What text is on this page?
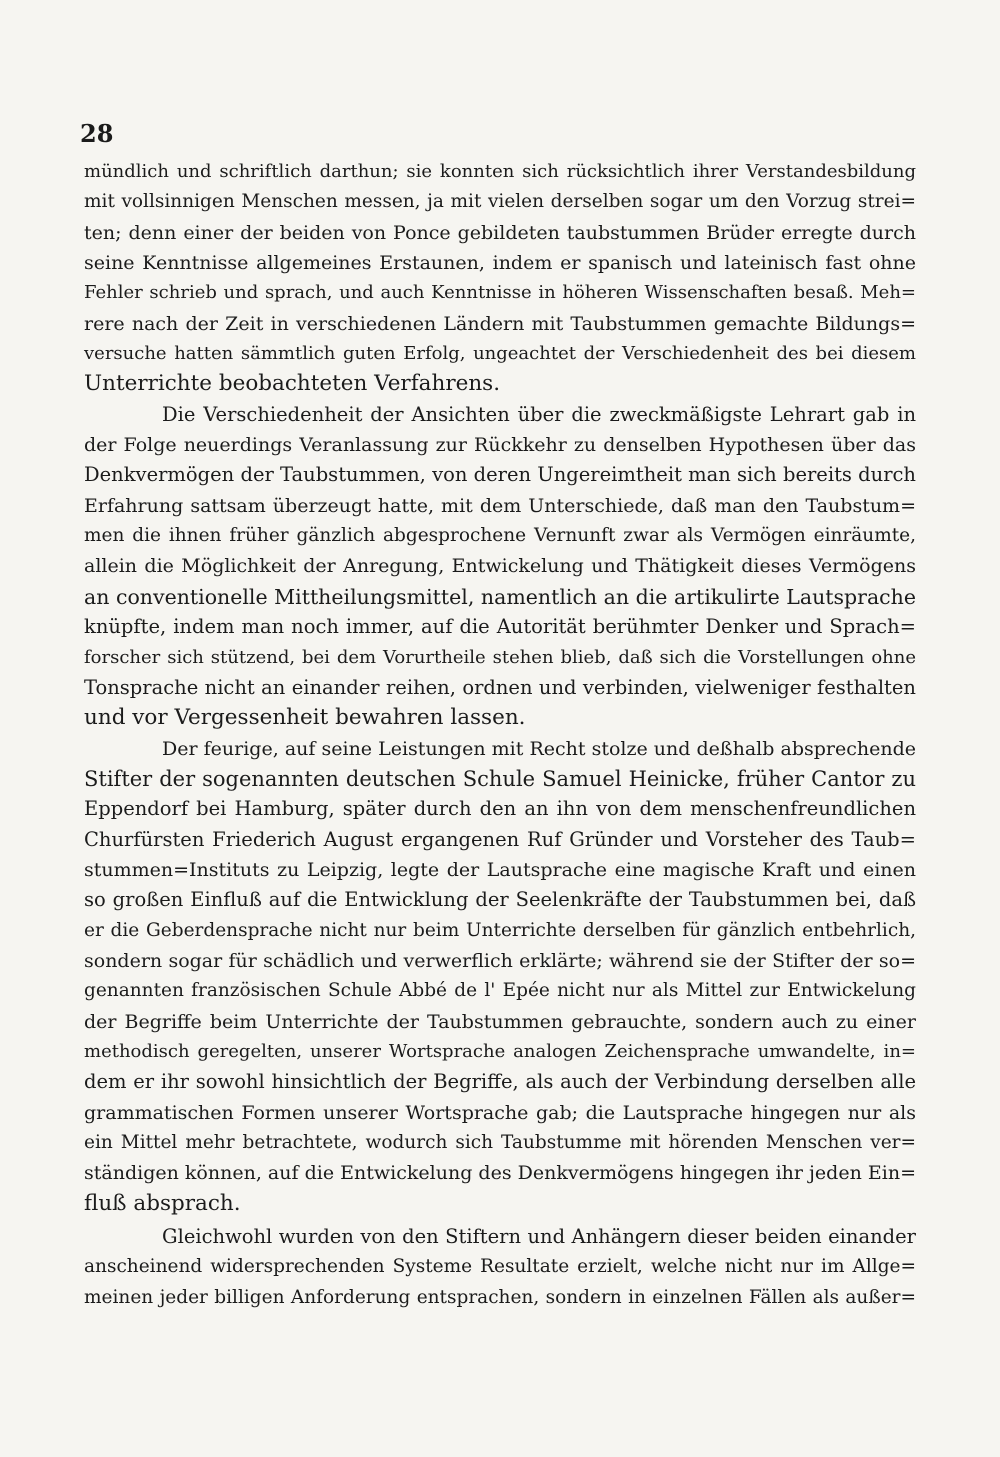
28
mündlich und schriftlich darthun; sie konnten sich rücksichtlich ihrer Verstandesbildung
mit vollsinnigen Menschen messen, ja mit vielen derselben sogar um den Vorzug strei=
ten; denn einer der beiden von Ponce gebildeten taubstummen Brüder erregte durch
seine Kenntnisse allgemeines Erstaunen, indem er spanisch und lateinisch fast ohne
Fehler schrieb und sprach, und auch Kenntnisse in höheren Wissenschaften besaß. Meh=
rere nach der Zeit in verschiedenen Ländern mit Taubstummen gemachte Bildungs=
versuche hatten sämmtlich guten Erfolg, ungeachtet der Verschiedenheit des bei diesem
Unterrichte beobachteten Verfahrens.
Die Verschiedenheit der Ansichten über die zweckmäßigste Lehrart gab in
der Folge neuerdings Veranlassung zur Rückkehr zu denselben Hypothesen über das
Denkvermögen der Taubstummen, von deren Ungereimtheit man sich bereits durch
Erfahrung sattsam überzeugt hatte, mit dem Unterschiede, daß man den Taubstum=
men die ihnen früher gänzlich abgesprochene Vernunft zwar als Vermögen einräumte,
allein die Möglichkeit der Anregung, Entwickelung und Thätigkeit dieses Vermögens
an conventionelle Mittheilungsmittel, namentlich an die artikulirte Lautsprache
knüpfte, indem man noch immer, auf die Autorität berühmter Denker und Sprach=
forscher sich stützend, bei dem Vorurtheile stehen blieb, daß sich die Vorstellungen ohne
Tonsprache nicht an einander reihen, ordnen und verbinden, vielweniger festhalten
und vor Vergessenheit bewahren lassen.
Der feurige, auf seine Leistungen mit Recht stolze und deßhalb absprechende
Stifter der sogenannten deutschen Schule Samuel Heinicke, früher Cantor zu
Eppendorf bei Hamburg, später durch den an ihn von dem menschenfreundlichen
Churfürsten Friederich August ergangenen Ruf Gründer und Vorsteher des Taub=
stummen=Instituts zu Leipzig, legte der Lautsprache eine magische Kraft und einen
so großen Einfluß auf die Entwicklung der Seelenkräfte der Taubstummen bei, daß
er die Geberdensprache nicht nur beim Unterrichte derselben für gänzlich entbehrlich,
sondern sogar für schädlich und verwerflich erklärte; während sie der Stifter der so=
genannten französischen Schule Abbé de l' Epée nicht nur als Mittel zur Entwickelung
der Begriffe beim Unterrichte der Taubstummen gebrauchte, sondern auch zu einer
methodisch geregelten, unserer Wortsprache analogen Zeichensprache umwandelte, in=
dem er ihr sowohl hinsichtlich der Begriffe, als auch der Verbindung derselben alle
grammatischen Formen unserer Wortsprache gab; die Lautsprache hingegen nur als
ein Mittel mehr betrachtete, wodurch sich Taubstumme mit hörenden Menschen ver=
ständigen können, auf die Entwickelung des Denkvermögens hingegen ihr jeden Ein=
fluß absprach.
Gleichwohl wurden von den Stiftern und Anhängern dieser beiden einander
anscheinend widersprechenden Systeme Resultate erzielt, welche nicht nur im Allge=
meinen jeder billigen Anforderung entsprachen, sondern in einzelnen Fällen als außer=
